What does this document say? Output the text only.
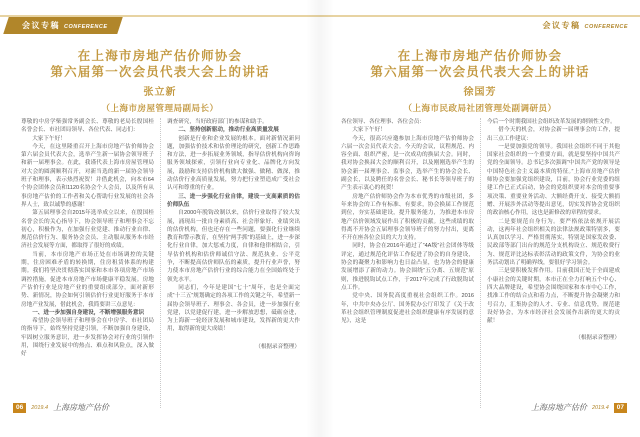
会议专稿 CONFERENCE	会议专稿 CONFERENCE
在上海市房地产估价师协会
第六届第一次会员代表大会上的讲话
张立新
（上海市房屋管理局副局长）

尊敬的中房学柴强常务副会长、尊敬的老局长殷国桂名誉会长、市社团局领导、各位代表、同志们：

大家下午好！

今天，在这里隆重召开上海市房地产估价师协会第六届会员代表大会，选举产生新一届协会领导班子和新一届理事会。在此，我谨代表上海市房屋管理局对大会的圆满顺利召开，对新当选的新一届协会领导班子和理事，表示热烈祝贺！并借此机会，向本市64个协会团体会员和1120名协会个人会员，以及所有从事房地产估价的工作者和关心帮助行业发展的社会各界人士，致以诚挚的感谢！

第五届理事会自2015年选举成立以来，在殷国桂名誉会长的关心指导下，协会领导班子和理事会不忘初心，积极作为，在加强行业党建、推动行业自律、规范估价行为、服务协会会员、主动服从服务本市经济社会发展等方面，都取得了很好的成绩。

当前，本市房地产市场正处在市场调控的关键期，住房困难矛盾的转换期，住房租赁体系的构建期。我们将坚决贯彻落实国家和本市各项房地产市场调控措施，促进本市房地产市场健康平稳发展。房地产估价行业是房地产业的重要组成部分，面对新形势、新情况，协会如何引领估价行业更好服务于本市房地产业发展，借此机会，我简要讲三点意见：

一、进一步加强自身建设，不断增强服务意识

希望协会领导班子和理事会在中房学、市社团局的指导下，始终坚持党建引领，不断加强自身建设，牢固树立服务意识，进一步发挥协会对行业的引领作用，围绕行业发展中的热点、难点和风险点，深入做好

调查研究，当好政府部门的参谋和助手。

二、坚持创新驱动，推动行业高质量发展

创新是行业和企业发展的根本。面对新情况新问题，加强估价技术和估价理论的研究，创新工作思路和方法，进一步拓展业务领域，指导估价机构向咨询服务领域探索，引领行业向专业化、品牌化方向发展，鼓励和支持估价机构做大做强、做精、做深，推动估价行业高质量发展，努力把行业塑造成广受社会认可和尊重的行业。

三、进一步强化行业自律，建设一支高素质的估价师队伍

自2000年脱钩改制以来，估价行业取得了较大发展，涌现出一批自身素质高、社会形象好、业绩突出的估价机构，但也还存在一些问题，要强化行业继续教育和警示教育，在坚持“两手抓”的基础上，进一步深化行业自律，加大惩戒力度，自律和他律相结合，引导估价机构和估价师诚信守法、规范执业、公平竞争，不断提高估价师队伍的素质，提升行业声誉，努力使本市房地产估价行业的综合能力在全国始终处于领先水平。

同志们，今年是建国“七十”周年，也是全面完成“十三五”规划确定的各项工作的关键之年，希望新一届协会领导班子、理事会、各会员，进一步加强行业党建，以党建促行建，进一步解放思想，砥砺奋进，为上海新一轮经济发展和城市建设，发挥新的更大作用，取得新的更大成绩！

（根据录音整理）

06	2019.4 上海房地产估价
在上海市房地产估价师协会
第六届第一次会员代表大会上的讲话
徐国芳
（上海市民政局社团管理处副调研员）

各位领导、各位理事、各位会员：

大家下午好！

今天，很高兴应邀参加上海市房地产估价师协会六届一次会员代表大会。今天的会议，议程规范、内容全面、组织严密，是一次成功的换届大会。同时，我对协会换届大会的顺利召开，以及刚刚选举产生的协会新一届理事会、监事会，选举产生的协会会长、副会长，以及聘任的名誉会长、秘书长等领导班子的产生表示衷心的祝贺！

房地产估价师协会作为本市优秀的市级社团，多年来协会的工作有标准、有要求，协会换届工作规范到位，夯实基础建设，提升服务能力，为推进本市房地产估价领域发展作出了积极的贡献。这些成绩的取得离不开协会五届理事会领导班子的努力付出，更离不开在座各位会员的大力支持。

同时，协会在2016年通过了“4A级”社会团体等级评定，通过规范化评估工作促进了协会的自身建设，协会的凝聚力和影响力也日益凸显，也为协会的健康发展增添了新的动力。协会围绕“五分离、五规范”原则，推进脱钩试点工作，于2017年完成了行政脱钩试点工作。

党中央、国务院高度重视社会组织工作。2016年，中共中央办公厅、国务院办公厅印发了《关于改革社会组织管理制度促进社会组织健康有序发展的意见》，这是

今后一个时期我国社会组织改革发展的纲领性文件。

借今天的机会，对协会新一届理事会的工作，提出三点工作建议：

一是要加强党的领导。我国社会组织不同于其他国家社会组织的一个重要方面，就是要坚持中国共产党的全面领导。总书记多次强调“中国共产党的领导是中国特色社会主义最本质的特征。”上海市房地产估价师协会要加强党组织建设，目前，协会行业党委的组建工作已正式启动，协会的党组织要对本会的重要事项决策、重要业务活动、大额经费开支、接受大额捐赠、开展涉外活动等提出意见，切实发挥协会党组织的政治核心作用，这也是新修改的章程的要求。

二是要规范自身行为。要严格依法依规开展活动，这两年社会组织相关的法律法规政策特别多，要认真加以学习、严格贯彻落实，特别是国家发改委、民政部等部门出台的规范分支机构设立、规范收费行为、规范评比达标表彰活动的政策文件，为协会的业务活动划出了明确界线，要很好学习领会。

三是要积极发挥作用。目前我国正处于全面建成小康社会的关键时期，本市正在全力打响五个中心、四大品牌建设，希望协会围绕国家和本市中心工作，找准工作的结合点和着力点，不断提升协会凝聚力和号召力，汇集协会的人才、专业、信息优势，规范建设好协会，为本市经济社会发展作出新的更大的贡献！

（根据录音整理）

上海房地产估价 2019.4	07
